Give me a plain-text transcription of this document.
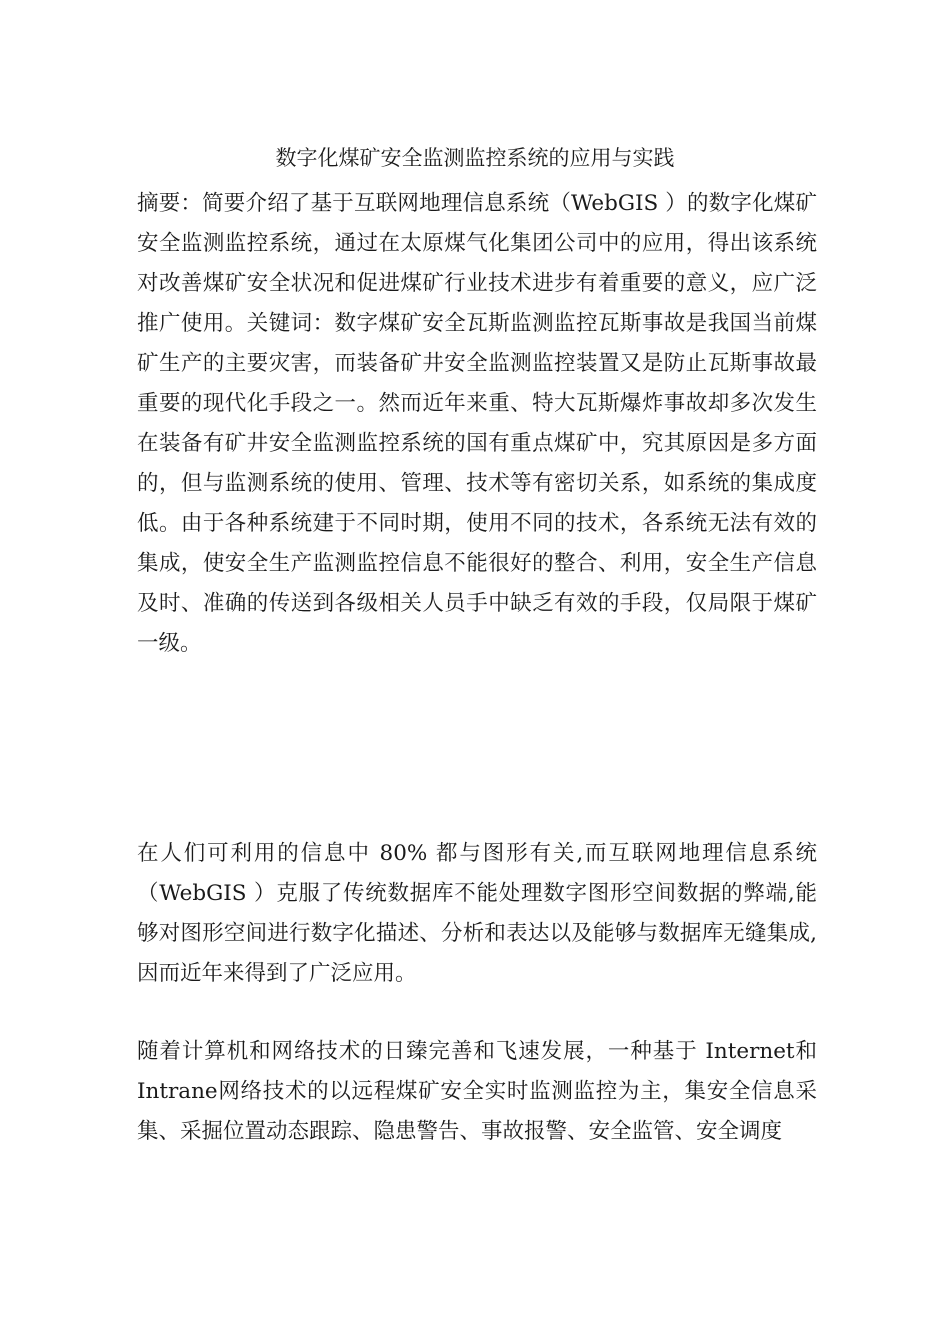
数字化煤矿安全监测监控系统的应用与实践

摘要：简要介绍了基于互联网地理信息系统（WebGIS ）的数字化煤矿安全监测监控系统，通过在太原煤气化集团公司中的应用，得出该系统对改善煤矿安全状况和促进煤矿行业技术进步有着重要的意义，应广泛推广使用。关键词：数字煤矿安全瓦斯监测监控瓦斯事故是我国当前煤矿生产的主要灾害，而装备矿井安全监测监控装置又是防止瓦斯事故最重要的现代化手段之一。然而近年来重、特大瓦斯爆炸事故却多次发生在装备有矿井安全监测监控系统的国有重点煤矿中，究其原因是多方面的，但与监测系统的使用、管理、技术等有密切关系，如系统的集成度低。由于各种系统建于不同时期，使用不同的技术，各系统无法有效的集成，使安全生产监测监控信息不能很好的整合、利用，安全生产信息及时、准确的传送到各级相关人员手中缺乏有效的手段，仅局限于煤矿一级。

在人们可利用的信息中 80% 都与图形有关,而互联网地理信息系统（WebGIS ）克服了传统数据库不能处理数字图形空间数据的弊端,能够对图形空间进行数字化描述、分析和表达以及能够与数据库无缝集成,因而近年来得到了广泛应用。

随着计算机和网络技术的日臻完善和飞速发展，一种基于 Internet和Intrane网络技术的以远程煤矿安全实时监测监控为主，集安全信息采集、采掘位置动态跟踪、隐患警告、事故报警、安全监管、安全调度
